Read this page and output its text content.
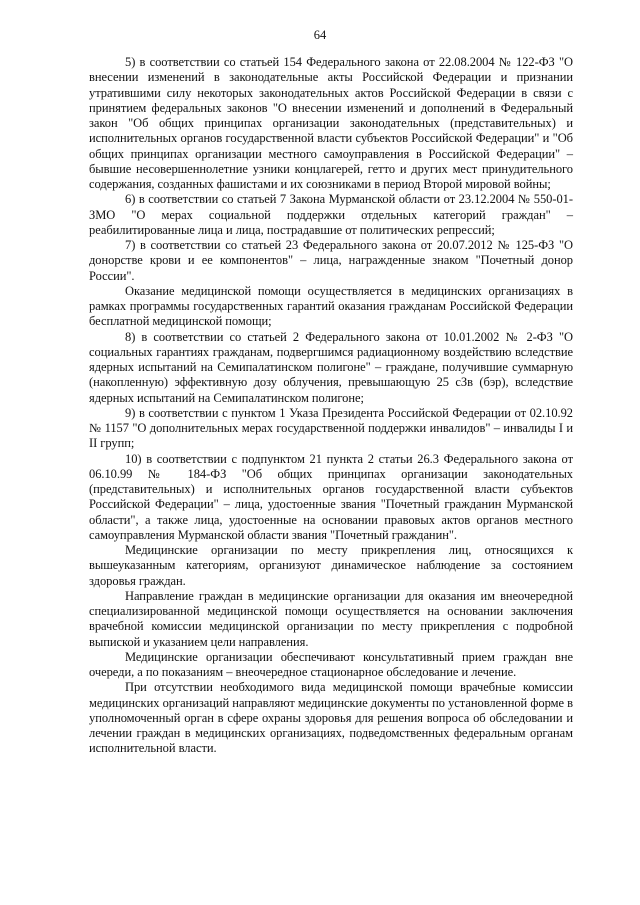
64

5) в соответствии со статьей 154 Федерального закона от 22.08.2004 № 122-ФЗ "О внесении изменений в законодательные акты Российской Федерации и признании утратившими силу некоторых законодательных актов Российской Федерации в связи с принятием федеральных законов "О внесении изменений и дополнений в Федеральный закон "Об общих принципах организации законодательных (представительных) и исполнительных органов государственной власти субъектов Российской Федерации" и "Об общих принципах организации местного самоуправления в Российской Федерации" – бывшие несовершеннолетние узники концлагерей, гетто и других мест принудительного содержания, созданных фашистами и их союзниками в период Второй мировой войны;

6) в соответствии со статьей 7 Закона Мурманской области от 23.12.2004 № 550-01-ЗМО "О мерах социальной поддержки отдельных категорий граждан" – реабилитированные лица и лица, пострадавшие от политических репрессий;

7) в соответствии со статьей 23 Федерального закона от 20.07.2012 № 125-ФЗ "О донорстве крови и ее компонентов" – лица, награжденные знаком "Почетный донор России".

Оказание медицинской помощи осуществляется в медицинских организациях в рамках программы государственных гарантий оказания гражданам Российской Федерации бесплатной медицинской помощи;

8) в соответствии со статьей 2 Федерального закона от 10.01.2002 № 2-ФЗ "О социальных гарантиях гражданам, подвергшимся радиационному воздействию вследствие ядерных испытаний на Семипалатинском полигоне" – граждане, получившие суммарную (накопленную) эффективную дозу облучения, превышающую 25 сЗв (бэр), вследствие ядерных испытаний на Семипалатинском полигоне;

9) в соответствии с пунктом 1 Указа Президента Российской Федерации от 02.10.92 № 1157 "О дополнительных мерах государственной поддержки инвалидов" – инвалиды I и II групп;

10) в соответствии с подпунктом 21 пункта 2 статьи 26.3 Федерального закона от 06.10.99 № 184-ФЗ "Об общих принципах организации законодательных (представительных) и исполнительных органов государственной власти субъектов Российской Федерации" – лица, удостоенные звания "Почетный гражданин Мурманской области", а также лица, удостоенные на основании правовых актов органов местного самоуправления Мурманской области звания "Почетный гражданин".

Медицинские организации по месту прикрепления лиц, относящихся к вышеуказанным категориям, организуют динамическое наблюдение за состоянием здоровья граждан.

Направление граждан в медицинские организации для оказания им внеочередной специализированной медицинской помощи осуществляется на основании заключения врачебной комиссии медицинской организации по месту прикрепления с подробной выпиской и указанием цели направления.

Медицинские организации обеспечивают консультативный прием граждан вне очереди, а по показаниям – внеочередное стационарное обследование и лечение.

При отсутствии необходимого вида медицинской помощи врачебные комиссии медицинских организаций направляют медицинские документы по установленной форме в уполномоченный орган в сфере охраны здоровья для решения вопроса об обследовании и лечении граждан в медицинских организациях, подведомственных федеральным органам исполнительной власти.
